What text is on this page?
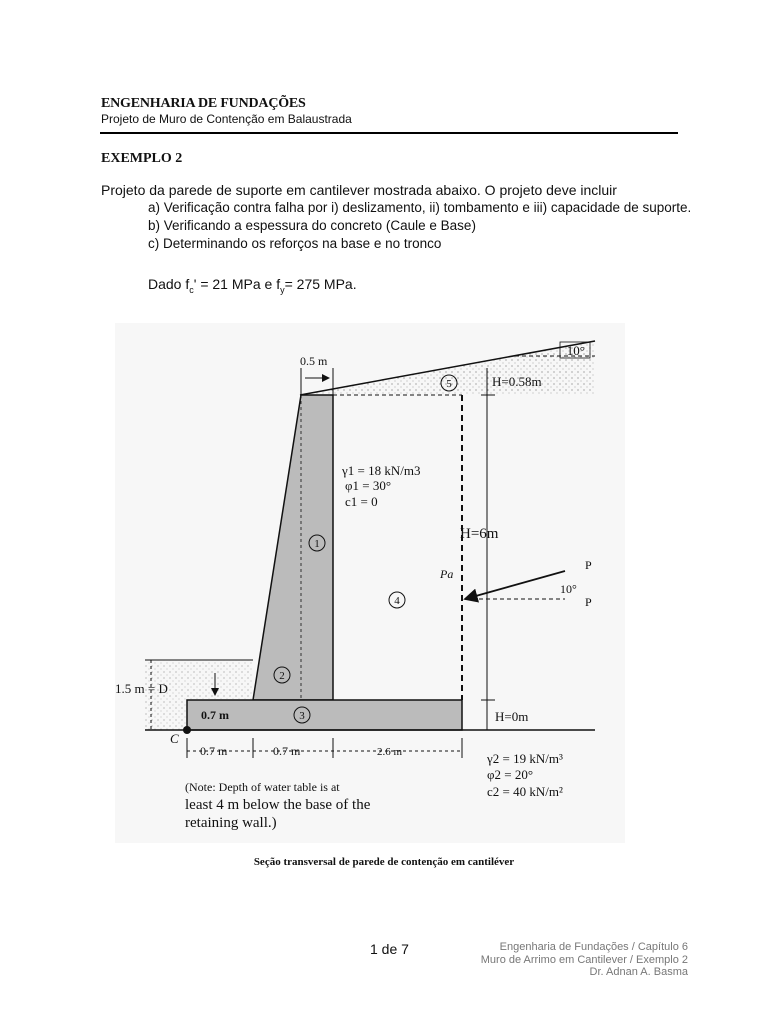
ENGENHARIA DE FUNDAÇÕES
Projeto de Muro de Contenção em Balaustrada
EXEMPLO 2
Projeto da parede de suporte em cantilever mostrada abaixo. O projeto deve incluir
a) Verificação contra falha por i) deslizamento, ii) tombamento e iii) capacidade de suporte.
b) Verificando a espessura do concreto (Caule e Base)
c) Determinando os reforços na base e no tronco
Dado $f_c' = 21$ MPa e $f_y= 275$ MPa.
10°
0.5 m
H=0.58m
H=6m
H=0m
γ1 = 18 kN/m3
φ1 = 30°
c1 = 0
Pa
P
P
10°
1
2
3
4
5
1.5 m = D
0.7 m
C
0.7 m	0.7 m	2.6 m	γ2 = 19 kN/m³
φ2 = 20°
c2 = 40 kN/m²
(Note: Depth of water table is at
least 4 m below the base of the
retaining wall.)
Seção transversal de parede de contenção em cantiléver
1 de 7	Engenharia de Fundações / Capítulo 6
Muro de Arrimo em Cantilever / Exemplo 2
Dr. Adnan A. Basma
